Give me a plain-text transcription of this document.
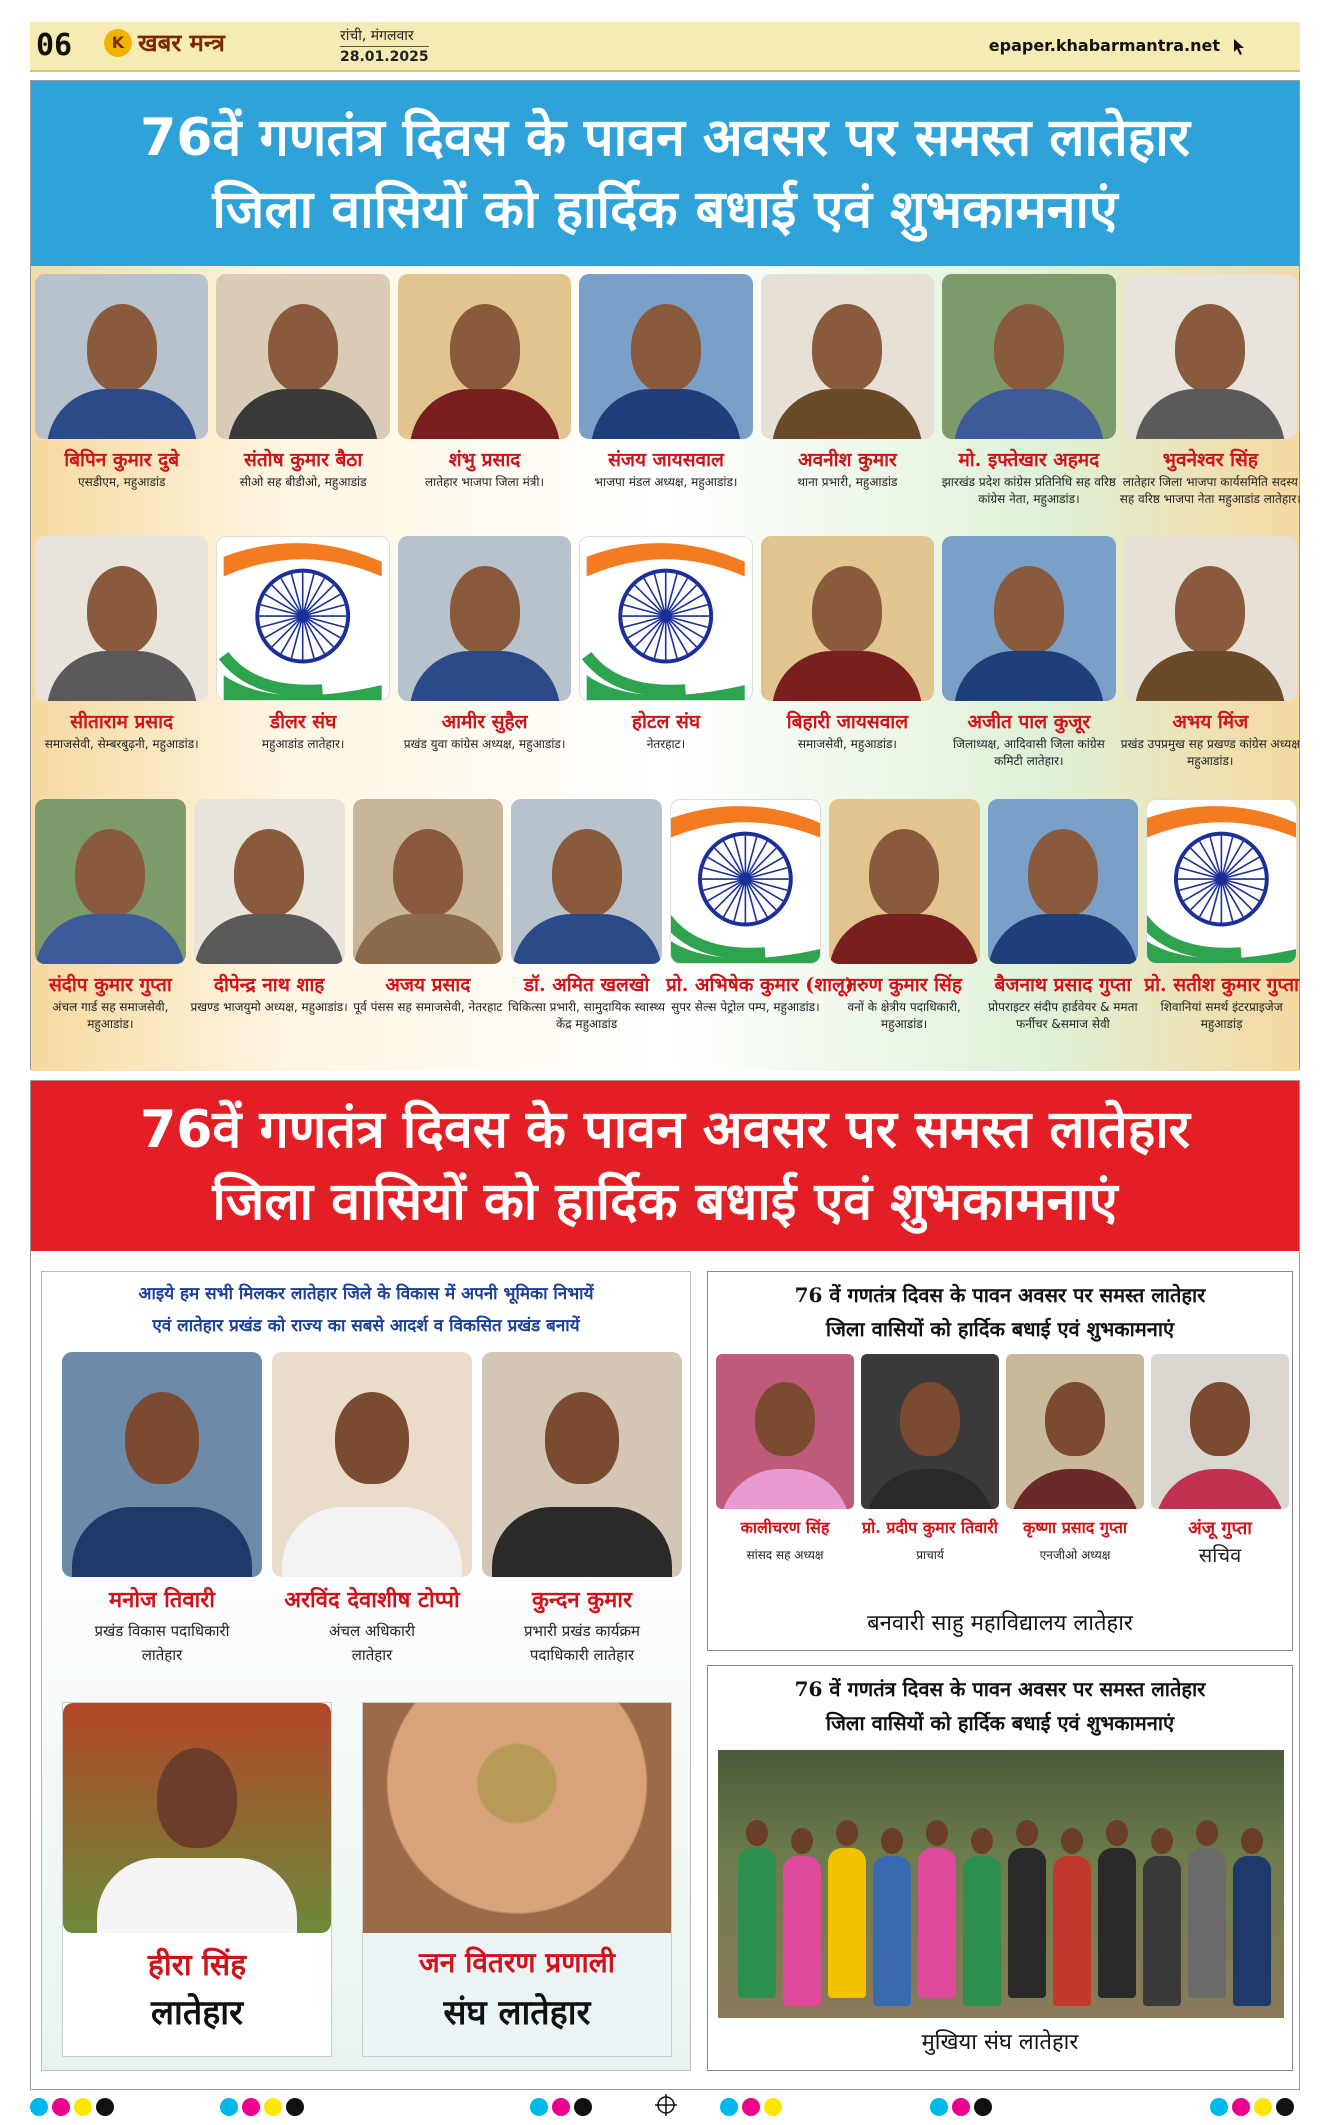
06	K खबर मन्त्र	रांची, मंगलवार
28.01.2025
epaper.khabarmantra.net
76वें गणतंत्र दिवस के पावन अवसर पर समस्त लातेहार
जिला वासियों को हार्दिक बधाई एवं शुभकामनाएं
बिपिन कुमार दुबे
एसडीएम, महुआडांड
संतोष कुमार बैठा
सीओ सह बीडीओ, महुआडांड
शंभु प्रसाद
लातेहार भाजपा जिला मंत्री।
संजय जायसवाल
भाजपा मंडल अध्यक्ष, महुआडांड।
अवनीश कुमार
थाना प्रभारी, महुआडांड
मो. इफ्तेखार अहमद
झारखंड प्रदेश कांग्रेस प्रतिनिधि सह वरिष्ठ कांग्रेस नेता, महुआडांड।
भुवनेश्वर सिंह
लातेहार जिला भाजपा कार्यसमिति सदस्य सह वरिष्ठ भाजपा नेता महुआडांड लातेहार।
सीताराम प्रसाद
समाजसेवी, सेम्बरबुढ़नी, महुआडांड।
डीलर संघ
महुआडांड लातेहार।
आमीर सुहैल
प्रखंड युवा कांग्रेस अध्यक्ष, महुआडांड।
होटल संघ
नेतरहाट।
बिहारी जायसवाल
समाजसेवी, महुआडांड।
अजीत पाल कुजूर
जिलाध्यक्ष, आदिवासी जिला कांग्रेस कमिटी लातेहार।
अभय मिंज
प्रखंड उपप्रमुख सह प्रखण्ड कांग्रेस अध्यक्ष महुआडांड।
संदीप कुमार गुप्ता
अंचल गार्ड सह समाजसेवी, महुआडांड।
दीपेन्द्र नाथ शाह
प्रखण्ड भाजयुमो अध्यक्ष, महुआडांड।
अजय प्रसाद
पूर्व पंसस सह समाजसेवी, नेतरहाट
डॉ. अमित खलखो
चिकित्सा प्रभारी, सामुदायिक स्वास्थ्य केंद्र महुआडांड
प्रो. अभिषेक कुमार (शालू)
सुपर सेल्स पेट्रोल पम्प, महुआडांड।
तरुण कुमार सिंह
वनों के क्षेत्रीय पदाधिकारी, महुआडांड।
बैजनाथ प्रसाद गुप्ता
प्रोपराइटर संदीप हार्डवेयर & ममता फर्नीचर &समाज सेवी
प्रो. सतीश कुमार गुप्ता
शिवानियां समर्थ इंटरप्राइजेज महुआडांड़
76वें गणतंत्र दिवस के पावन अवसर पर समस्त लातेहार
जिला वासियों को हार्दिक बधाई एवं शुभकामनाएं
आइये हम सभी मिलकर लातेहार जिले के विकास में अपनी भूमिका निभायें
एवं लातेहार प्रखंड को राज्य का सबसे आदर्श व विकसित प्रखंड बनायें
मनोज तिवारी
प्रखंड विकास पदाधिकारी
लातेहार
अरविंद देवाशीष टोप्पो
अंचल अधिकारी
लातेहार
कुन्दन कुमार
प्रभारी प्रखंड कार्यक्रम
पदाधिकारी लातेहार
हीरा सिंह
लातेहार
जन वितरण प्रणाली
संघ लातेहार
76 वें गणतंत्र दिवस के पावन अवसर पर समस्त लातेहार
जिला वासियों को हार्दिक बधाई एवं शुभकामनाएं
कालीचरण सिंह
सांसद सह अध्यक्ष
प्रो. प्रदीप कुमार तिवारी
प्राचार्य
कृष्णा प्रसाद गुप्ता
एनजीओ अध्यक्ष
अंजू गुप्ता
सचिव
बनवारी साहु महाविद्यालय लातेहार
76 वें गणतंत्र दिवस के पावन अवसर पर समस्त लातेहार
जिला वासियों को हार्दिक बधाई एवं शुभकामनाएं
मुखिया संघ लातेहार
